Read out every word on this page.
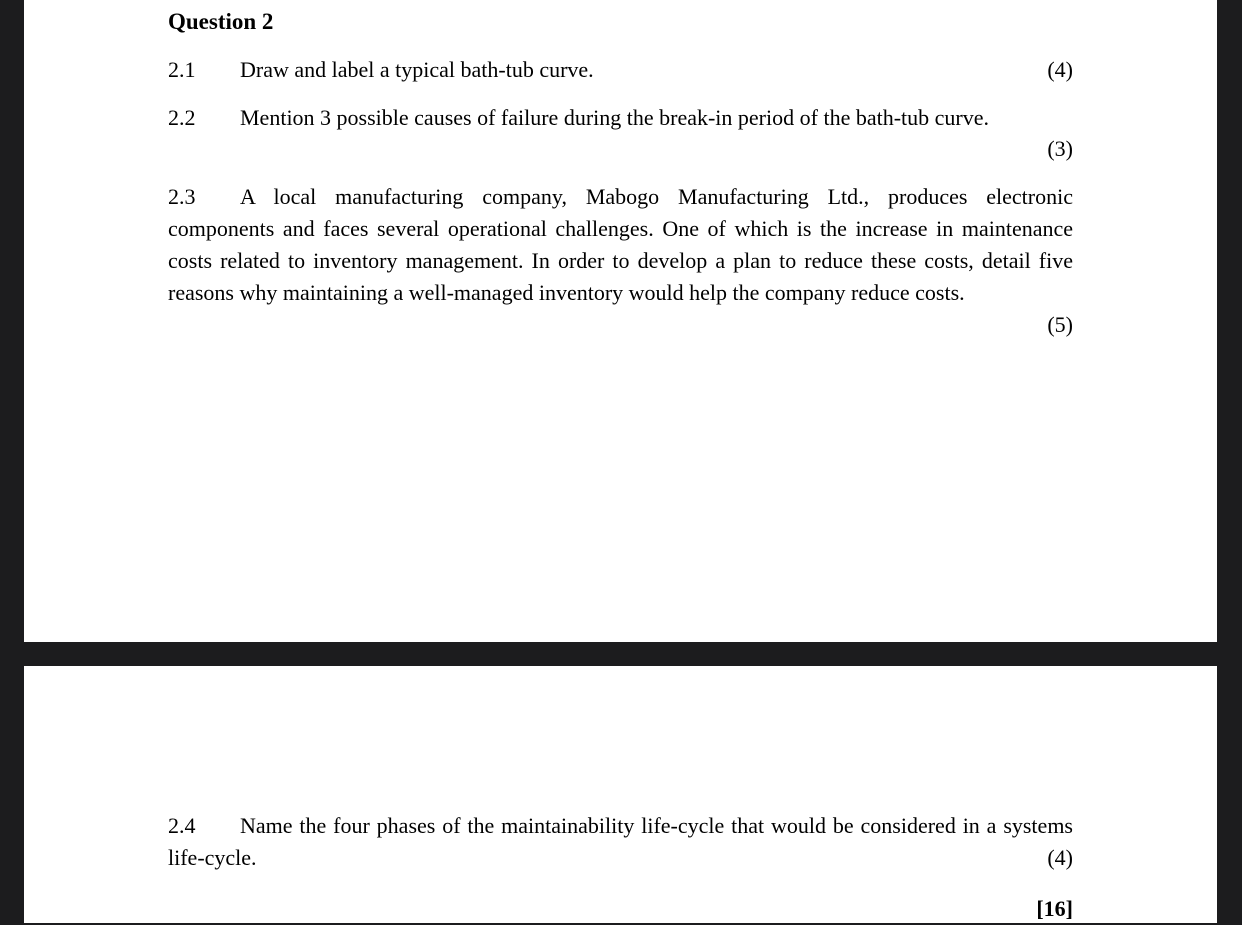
Question 2
2.1 Draw and label a typical bath-tub curve.	(4)
2.2 Mention 3 possible causes of failure during the break-in period of the bath-tub curve.
(3)
2.3 A local manufacturing company, Mabogo Manufacturing Ltd., produces electronic components and faces several operational challenges. One of which is the increase in maintenance costs related to inventory management. In order to develop a plan to reduce these costs, detail five reasons why maintaining a well-managed inventory would help the company reduce costs.
(5)
2.4 Name the four phases of the maintainability life-cycle that would be considered in a systems life-cycle.	(4)
[16]
